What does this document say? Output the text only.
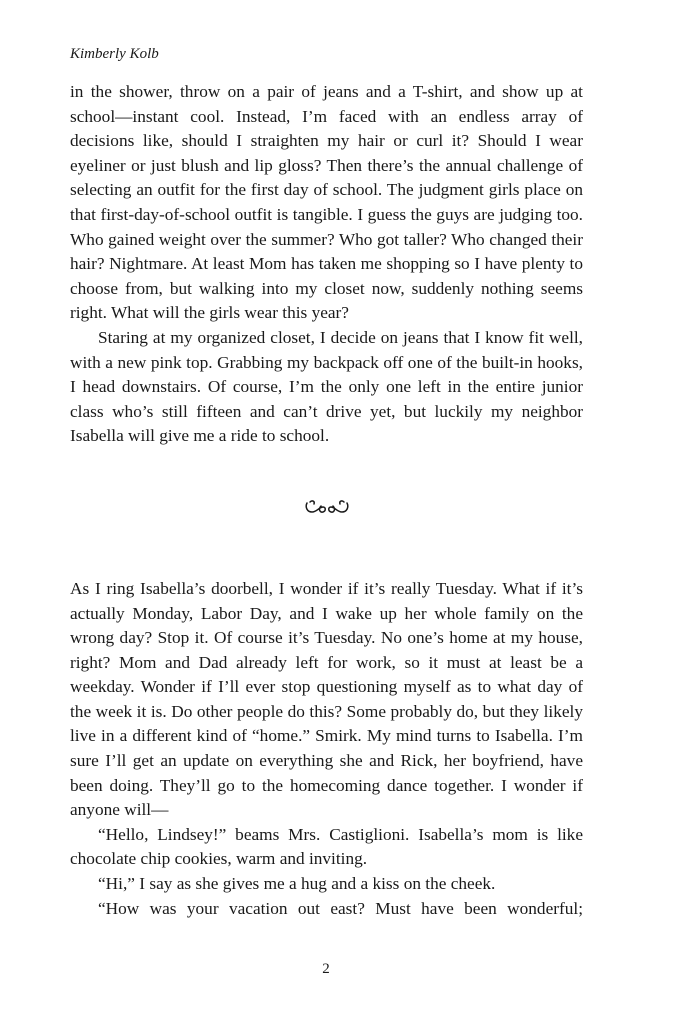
Kimberly Kolb

in the shower, throw on a pair of jeans and a T-shirt, and show up at school—instant cool. Instead, I’m faced with an endless array of decisions like, should I straighten my hair or curl it? Should I wear eyeliner or just blush and lip gloss? Then there’s the annual challenge of selecting an outfit for the first day of school. The judgment girls place on that first-day-of-school outfit is tangible. I guess the guys are judging too. Who gained weight over the summer? Who got taller? Who changed their hair? Nightmare. At least Mom has taken me shopping so I have plenty to choose from, but walking into my closet now, suddenly nothing seems right. What will the girls wear this year?

Staring at my organized closet, I decide on jeans that I know fit well, with a new pink top. Grabbing my backpack off one of the built-in hooks, I head downstairs. Of course, I’m the only one left in the entire junior class who’s still fifteen and can’t drive yet, but luckily my neighbor Isabella will give me a ride to school.

As I ring Isabella’s doorbell, I wonder if it’s really Tuesday. What if it’s actually Monday, Labor Day, and I wake up her whole family on the wrong day? Stop it. Of course it’s Tuesday. No one’s home at my house, right? Mom and Dad already left for work, so it must at least be a weekday. Wonder if I’ll ever stop questioning myself as to what day of the week it is. Do other people do this? Some probably do, but they likely live in a different kind of “home.” Smirk. My mind turns to Isabella. I’m sure I’ll get an update on everything she and Rick, her boyfriend, have been doing. They’ll go to the homecoming dance together. I wonder if anyone will—

“Hello, Lindsey!” beams Mrs. Castiglioni. Isabella’s mom is like chocolate chip cookies, warm and inviting.

“Hi,” I say as she gives me a hug and a kiss on the cheek.

“How was your vacation out east? Must have been wonderful;

2
